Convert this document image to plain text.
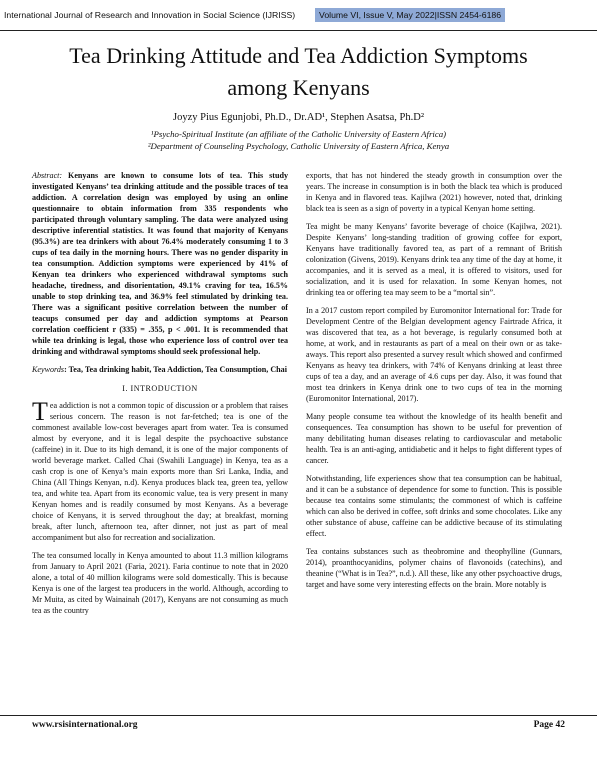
International Journal of Research and Innovation in Social Science (IJRISS)	Volume VI, Issue V, May 2022|ISSN 2454-6186
Tea Drinking Attitude and Tea Addiction Symptoms
among Kenyans
Joyzy Pius Egunjobi, Ph.D., Dr.AD¹, Stephen Asatsa, Ph.D²
¹Psycho-Spiritual Institute (an affiliate of the Catholic University of Eastern Africa)
²Department of Counseling Psychology, Catholic University of Eastern Africa, Kenya

Abstract: Kenyans are known to consume lots of tea. This study investigated Kenyans’ tea drinking attitude and the possible traces of tea addiction. A correlation design was employed by using an online questionnaire to obtain information from 335 respondents who participated through voluntary sampling. The data were analyzed using descriptive inferential statistics. It was found that majority of Kenyans (95.3%) are tea drinkers with about 76.4% moderately consuming 1 to 3 cups of tea daily in the morning hours. There was no gender disparity in tea consumption. Addiction symptoms were experienced by 41% of Kenyan tea drinkers who experienced withdrawal symptoms such headache, tiredness, and disorientation, 49.1% craving for tea, 16.5% unable to stop drinking tea, and 36.9% feel stimulated by drinking tea. There was a significant positive correlation between the number of teacups consumed per day and addiction symptoms at Pearson correlation coefficient r (335) = .355, p < .001. It is recommended that while tea drinking is legal, those who experience loss of control over tea drinking and withdrawal symptoms should seek professional help.

Keywords: Tea, Tea drinking habit, Tea Addiction, Tea Consumption, Chai

I. INTRODUCTION

Tea addiction is not a common topic of discussion or a problem that raises serious concern. The reason is not far-fetched; tea is one of the commonest available low-cost beverages apart from water. Tea is consumed almost by everyone, and it is legal despite the psychoactive substance (caffeine) in it. Due to its high demand, it is one of the major components of world beverage market. Called Chai (Swahili Language) in Kenya, tea as a cash crop is one of Kenya’s main exports more than Sri Lanka, India, and China (All Things Kenyan, n.d). Kenya produces black tea, green tea, yellow tea, and white tea. Apart from its economic value, tea is very present in many Kenyan homes and is readily consumed by most Kenyans. As a beverage choice of Kenyans, it is served throughout the day; at breakfast, morning break, after lunch, afternoon tea, after dinner, not just as part of meal accompaniment but also for recreation and socialization.

The tea consumed locally in Kenya amounted to about 11.3 million kilograms from January to April 2021 (Faria, 2021). Faria continue to note that in 2020 alone, a total of 40 million kilograms were sold domestically. This is because Kenya is one of the largest tea producers in the world. Although, according to Mr Muita, as cited by Wainainah (2017), Kenyans are not consuming as much tea as the country

exports, that has not hindered the steady growth in consumption over the years. The increase in consumption is in both the black tea which is produced in Kenya and in flavored teas. Kajilwa (2021) however, noted that, drinking black tea is seen as a sign of poverty in a typical Kenyan home setting.

Tea might be many Kenyans’ favorite beverage of choice (Kajilwa, 2021). Despite Kenyans’ long-standing tradition of growing coffee for export, Kenyans have traditionally favored tea, as part of a remnant of British colonization (Givens, 2019). Kenyans drink tea any time of the day at home, it accompanies, and it is served as a meal, it is offered to visitors, used for socialization, and it is used for relaxation. In some Kenyan homes, not drinking tea or offering tea may seem to be a “mortal sin”.

In a 2017 custom report compiled by Euromonitor International for: Trade for Development Centre of the Belgian development agency Fairtrade Africa, it was discovered that tea, as a hot beverage, is regularly consumed both at home, at work, and in restaurants as part of a meal on their own or as take-aways. This report also presented a survey result which showed and confirmed Kenyans as heavy tea drinkers, with 74% of Kenyans drinking at least three cups of tea a day, and an average of 4.6 cups per day. Also, it was found that most tea drinkers in Kenya drink one to two cups of tea in the morning (Euromonitor International, 2017).

Many people consume tea without the knowledge of its health benefit and consequences. Tea consumption has shown to be useful for prevention of many debilitating human diseases relating to cardiovascular and metabolic health. Tea is an anti-aging, antidiabetic and it helps to fight different types of cancer.

Notwithstanding, life experiences show that tea consumption can be habitual, and it can be a substance of dependence for some to function. This is possible because tea contains some stimulants; the commonest of which is caffeine which can also be derived in coffee, soft drinks and some chocolates. Like any other substance of abuse, caffeine can be addictive because of its stimulating effect.

Tea contains substances such as theobromine and theophylline (Gunnars, 2014), proanthocyanidins, polymer chains of flavonoids (catechins), and theanine (“What is in Tea?”, n.d.). All these, like any other psychoactive drugs, target and have some very interesting effects on the brain. More notably is

www.rsisinternational.org	Page 42
